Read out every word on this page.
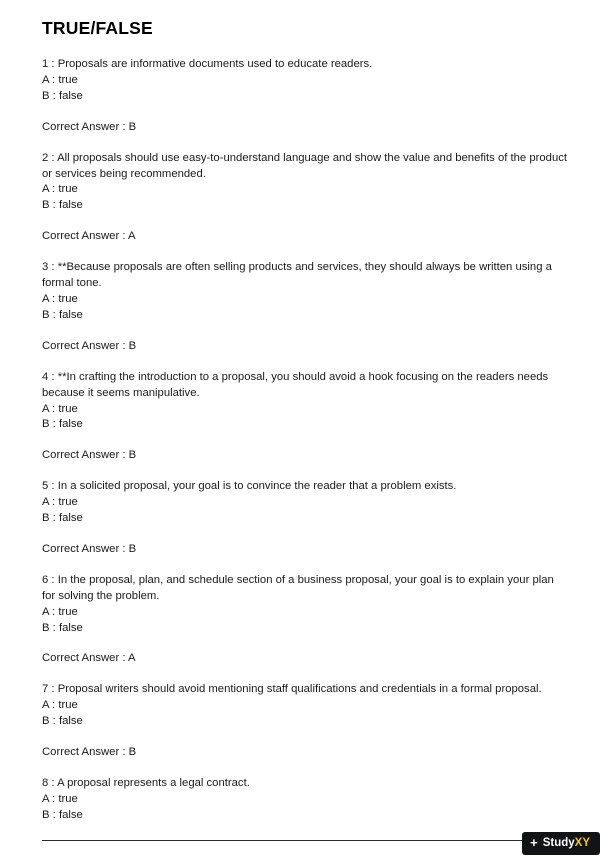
TRUE/FALSE

1 : Proposals are informative documents used to educate readers.

A : true

B : false

Correct Answer : B

2 : All proposals should use easy-to-understand language and show the value and benefits of the product or services being recommended.

A : true

B : false

Correct Answer : A

3 : **Because proposals are often selling products and services, they should always be written using a formal tone.

A : true

B : false

Correct Answer : B

4 : **In crafting the introduction to a proposal, you should avoid a hook focusing on the readers needs because it seems manipulative.

A : true

B : false

Correct Answer : B

5 : In a solicited proposal, your goal is to convince the reader that a problem exists.

A : true

B : false

Correct Answer : B

6 : In the proposal, plan, and schedule section of a business proposal, your goal is to explain your plan for solving the problem.

A : true

B : false

Correct Answer : A

7 : Proposal writers should avoid mentioning staff qualifications and credentials in a formal proposal.

A : true

B : false

Correct Answer : B

8 : A proposal represents a legal contract.

A : true

B : false

+ Study XY
